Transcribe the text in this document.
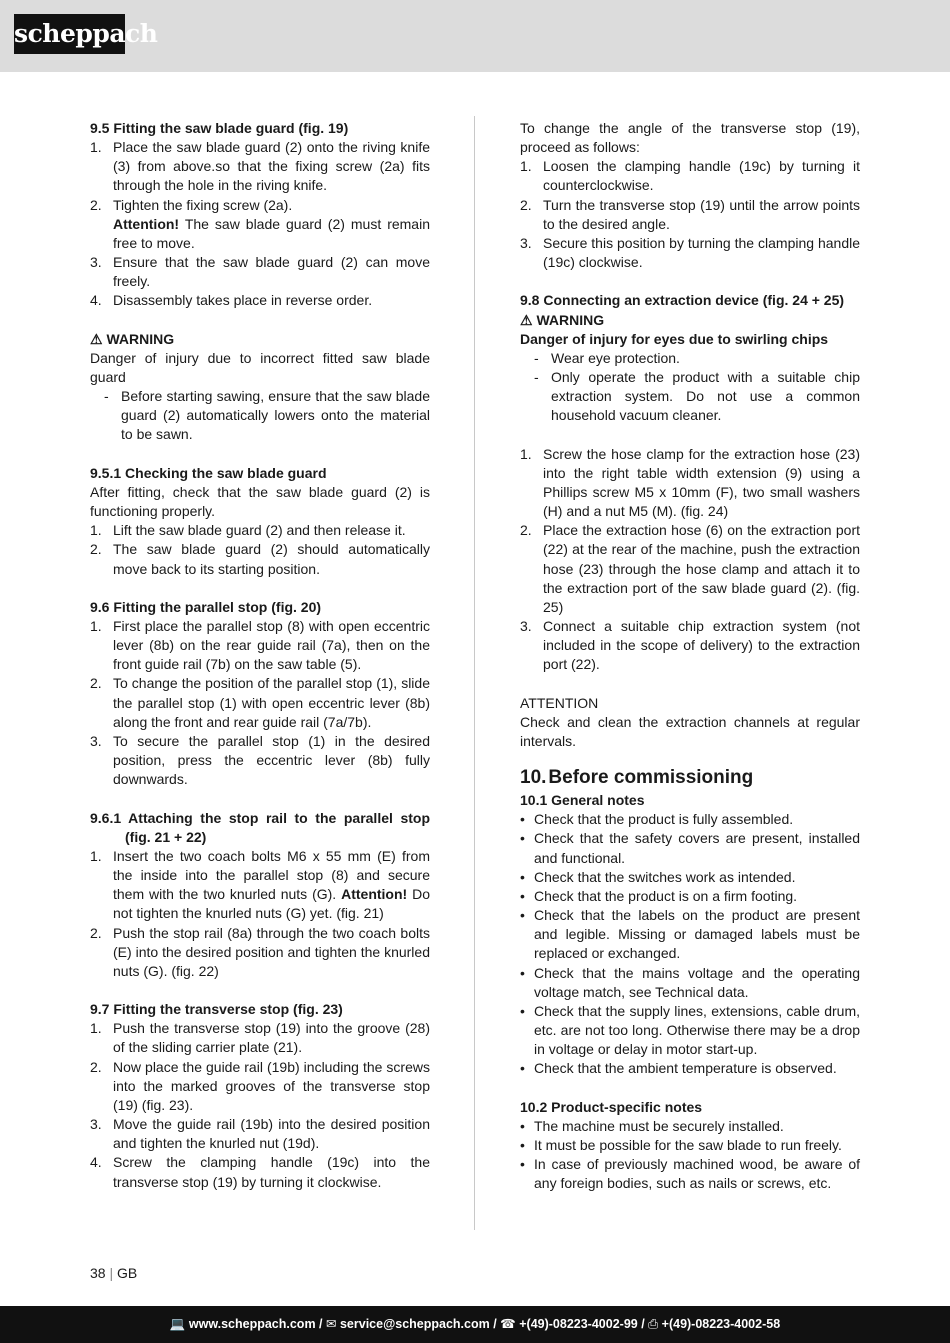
scheppach

9.5 Fitting the saw blade guard (fig. 19)

1. Place the saw blade guard (2) onto the riving knife (3) from above.so that the fixing screw (2a) fits through the hole in the riving knife.
2. Tighten the fixing screw (2a).
Attention! The saw blade guard (2) must remain free to move.
3. Ensure that the saw blade guard (2) can move freely.
4. Disassembly takes place in reverse order.

⚠ WARNING

Danger of injury due to incorrect fitted saw blade guard

- Before starting sawing, ensure that the saw blade guard (2) automatically lowers onto the material to be sawn.

9.5.1 Checking the saw blade guard

After fitting, check that the saw blade guard (2) is functioning properly.

1. Lift the saw blade guard (2) and then release it.
2. The saw blade guard (2) should automatically move back to its starting position.

9.6 Fitting the parallel stop (fig. 20)

1. First place the parallel stop (8) with open eccentric lever (8b) on the rear guide rail (7a), then on the front guide rail (7b) on the saw table (5).
2. To change the position of the parallel stop (1), slide the parallel stop (1) with open eccentric lever (8b) along the front and rear guide rail (7a/7b).
3. To secure the parallel stop (1) in the desired position, press the eccentric lever (8b) fully downwards.

9.6.1 Attaching the stop rail to the parallel stop

(fig. 21 + 22)

1. Insert the two coach bolts M6 x 55 mm (E) from the inside into the parallel stop (8) and secure them with the two knurled nuts (G). Attention! Do not tighten the knurled nuts (G) yet. (fig. 21)
2. Push the stop rail (8a) through the two coach bolts (E) into the desired position and tighten the knurled nuts (G). (fig. 22)

9.7 Fitting the transverse stop (fig. 23)

1. Push the transverse stop (19) into the groove (28) of the sliding carrier plate (21).
2. Now place the guide rail (19b) including the screws into the marked grooves of the transverse stop (19) (fig. 23).
3. Move the guide rail (19b) into the desired position and tighten the knurled nut (19d).
4. Screw the clamping handle (19c) into the transverse stop (19) by turning it clockwise.

To change the angle of the transverse stop (19), proceed as follows:

1. Loosen the clamping handle (19c) by turning it counterclockwise.
2. Turn the transverse stop (19) until the arrow points to the desired angle.
3. Secure this position by turning the clamping handle (19c) clockwise.

9.8 Connecting an extraction device (fig. 24 + 25)

⚠ WARNING

Danger of injury for eyes due to swirling chips

- Wear eye protection.
- Only operate the product with a suitable chip extraction system. Do not use a common household vacuum cleaner.
1. Screw the hose clamp for the extraction hose (23) into the right table width extension (9) using a Phillips screw M5 x 10mm (F), two small washers (H) and a nut M5 (M). (fig. 24)
2. Place the extraction hose (6) on the extraction port (22) at the rear of the machine, push the extraction hose (23) through the hose clamp and attach it to the extraction port of the saw blade guard (2). (fig. 25)
3. Connect a suitable chip extraction system (not included in the scope of delivery) to the extraction port (22).

ATTENTION

Check and clean the extraction channels at regular intervals.

10. Before commissioning

10.1 General notes

• Check that the product is fully assembled.
• Check that the safety covers are present, installed and functional.
• Check that the switches work as intended.
• Check that the product is on a firm footing.
• Check that the labels on the product are present and legible. Missing or damaged labels must be replaced or exchanged.
• Check that the mains voltage and the operating voltage match, see Technical data.
• Check that the supply lines, extensions, cable drum, etc. are not too long. Otherwise there may be a drop in voltage or delay in motor start-up.
• Check that the ambient temperature is observed.

10.2 Product-specific notes

• The machine must be securely installed.
• It must be possible for the saw blade to run freely.
• In case of previously machined wood, be aware of any foreign bodies, such as nails or screws, etc.
38 | GB
💻 www.scheppach.com / ✉ service@scheppach.com / ☎ +(49)-08223-4002-99 / ⎙ +(49)-08223-4002-58
